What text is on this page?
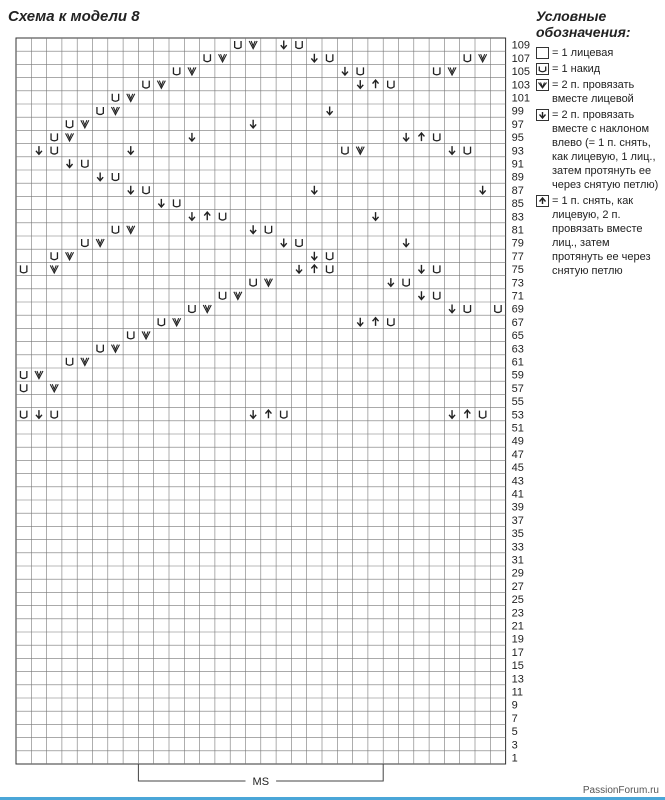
Схема к модели 8
109
107
105
103
101
99
97
95
93
91
89
87
85
83
81
79
77
75
73
71
69
67
65
63
61
59
57
55
53
51
49
47
45
43
41
39
37
35
33
31
29
27
25
23
21
19
17
15
13
11
9
7
5
3
1
MS
Условные обозначения:
= 1 лицевая
= 1 накид
= 2 п. провязать вместе лицевой
= 2 п. провязать вместе с наклоном влево (= 1 п. снять, как лицевую, 1 лиц., затем протянуть ее через снятую петлю)
= 1 п. снять, как лицевую, 2 п. провязать вместе лиц., затем протянуть ее через снятую петлю
PassionForum.ru
